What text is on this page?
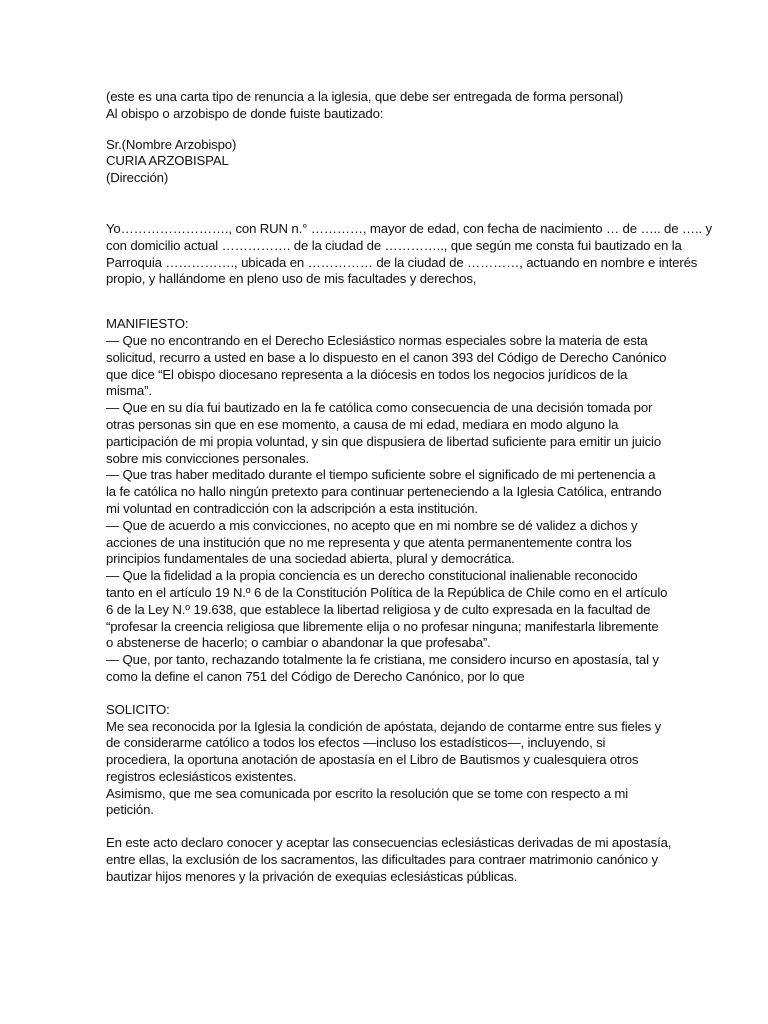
(este es una carta tipo de renuncia a la iglesia, que debe ser entregada de forma personal)
Al obispo o arzobispo de donde fuiste bautizado:
Sr.(Nombre Arzobispo)
CURIA ARZOBISPAL
(Dirección)
Yo……………………., con RUN n.° …………, mayor de edad, con fecha de nacimiento … de ….. de ….. y
con domicilio actual ……………. de la ciudad de ………….., que según me consta fui bautizado en la
Parroquia ……………., ubicada en …………… de la ciudad de …………, actuando en nombre e interés
propio, y hallándome en pleno uso de mis facultades y derechos,
MANIFIESTO:
— Que no encontrando en el Derecho Eclesiástico normas especiales sobre la materia de esta
solicitud, recurro a usted en base a lo dispuesto en el canon 393 del Código de Derecho Canónico
que dice “El obispo diocesano representa a la diócesis en todos los negocios jurídicos de la
misma”.
— Que en su día fui bautizado en la fe católica como consecuencia de una decisión tomada por
otras personas sin que en ese momento, a causa de mi edad, mediara en modo alguno la
participación de mi propia voluntad, y sin que dispusiera de libertad suficiente para emitir un juicio
sobre mis convicciones personales.
— Que tras haber meditado durante el tiempo suficiente sobre el significado de mi pertenencia a
la fe católica no hallo ningún pretexto para continuar perteneciendo a la Iglesia Católica, entrando
mi voluntad en contradicción con la adscripción a esta institución.
— Que de acuerdo a mis convicciones, no acepto que en mi nombre se dé validez a dichos y
acciones de una institución que no me representa y que atenta permanentemente contra los
principios fundamentales de una sociedad abierta, plural y democrática.
— Que la fidelidad a la propia conciencia es un derecho constitucional inalienable reconocido
tanto en el artículo 19 N.º 6 de la Constitución Política de la República de Chile como en el artículo
6 de la Ley N.º 19.638, que establece la libertad religiosa y de culto expresada en la facultad de
“profesar la creencia religiosa que libremente elija o no profesar ninguna; manifestarla libremente
o abstenerse de hacerlo; o cambiar o abandonar la que profesaba”.
— Que, por tanto, rechazando totalmente la fe cristiana, me considero incurso en apostasía, tal y
como la define el canon 751 del Código de Derecho Canónico, por lo que
SOLICITO:
Me sea reconocida por la Iglesia la condición de apóstata, dejando de contarme entre sus fieles y
de considerarme católico a todos los efectos —incluso los estadísticos—, incluyendo, si
procediera, la oportuna anotación de apostasía en el Libro de Bautismos y cualesquiera otros
registros eclesiásticos existentes.
Asimismo, que me sea comunicada por escrito la resolución que se tome con respecto a mi
petición.
En este acto declaro conocer y aceptar las consecuencias eclesiásticas derivadas de mi apostasía,
entre ellas, la exclusión de los sacramentos, las dificultades para contraer matrimonio canónico y
bautizar hijos menores y la privación de exequias eclesiásticas públicas.
